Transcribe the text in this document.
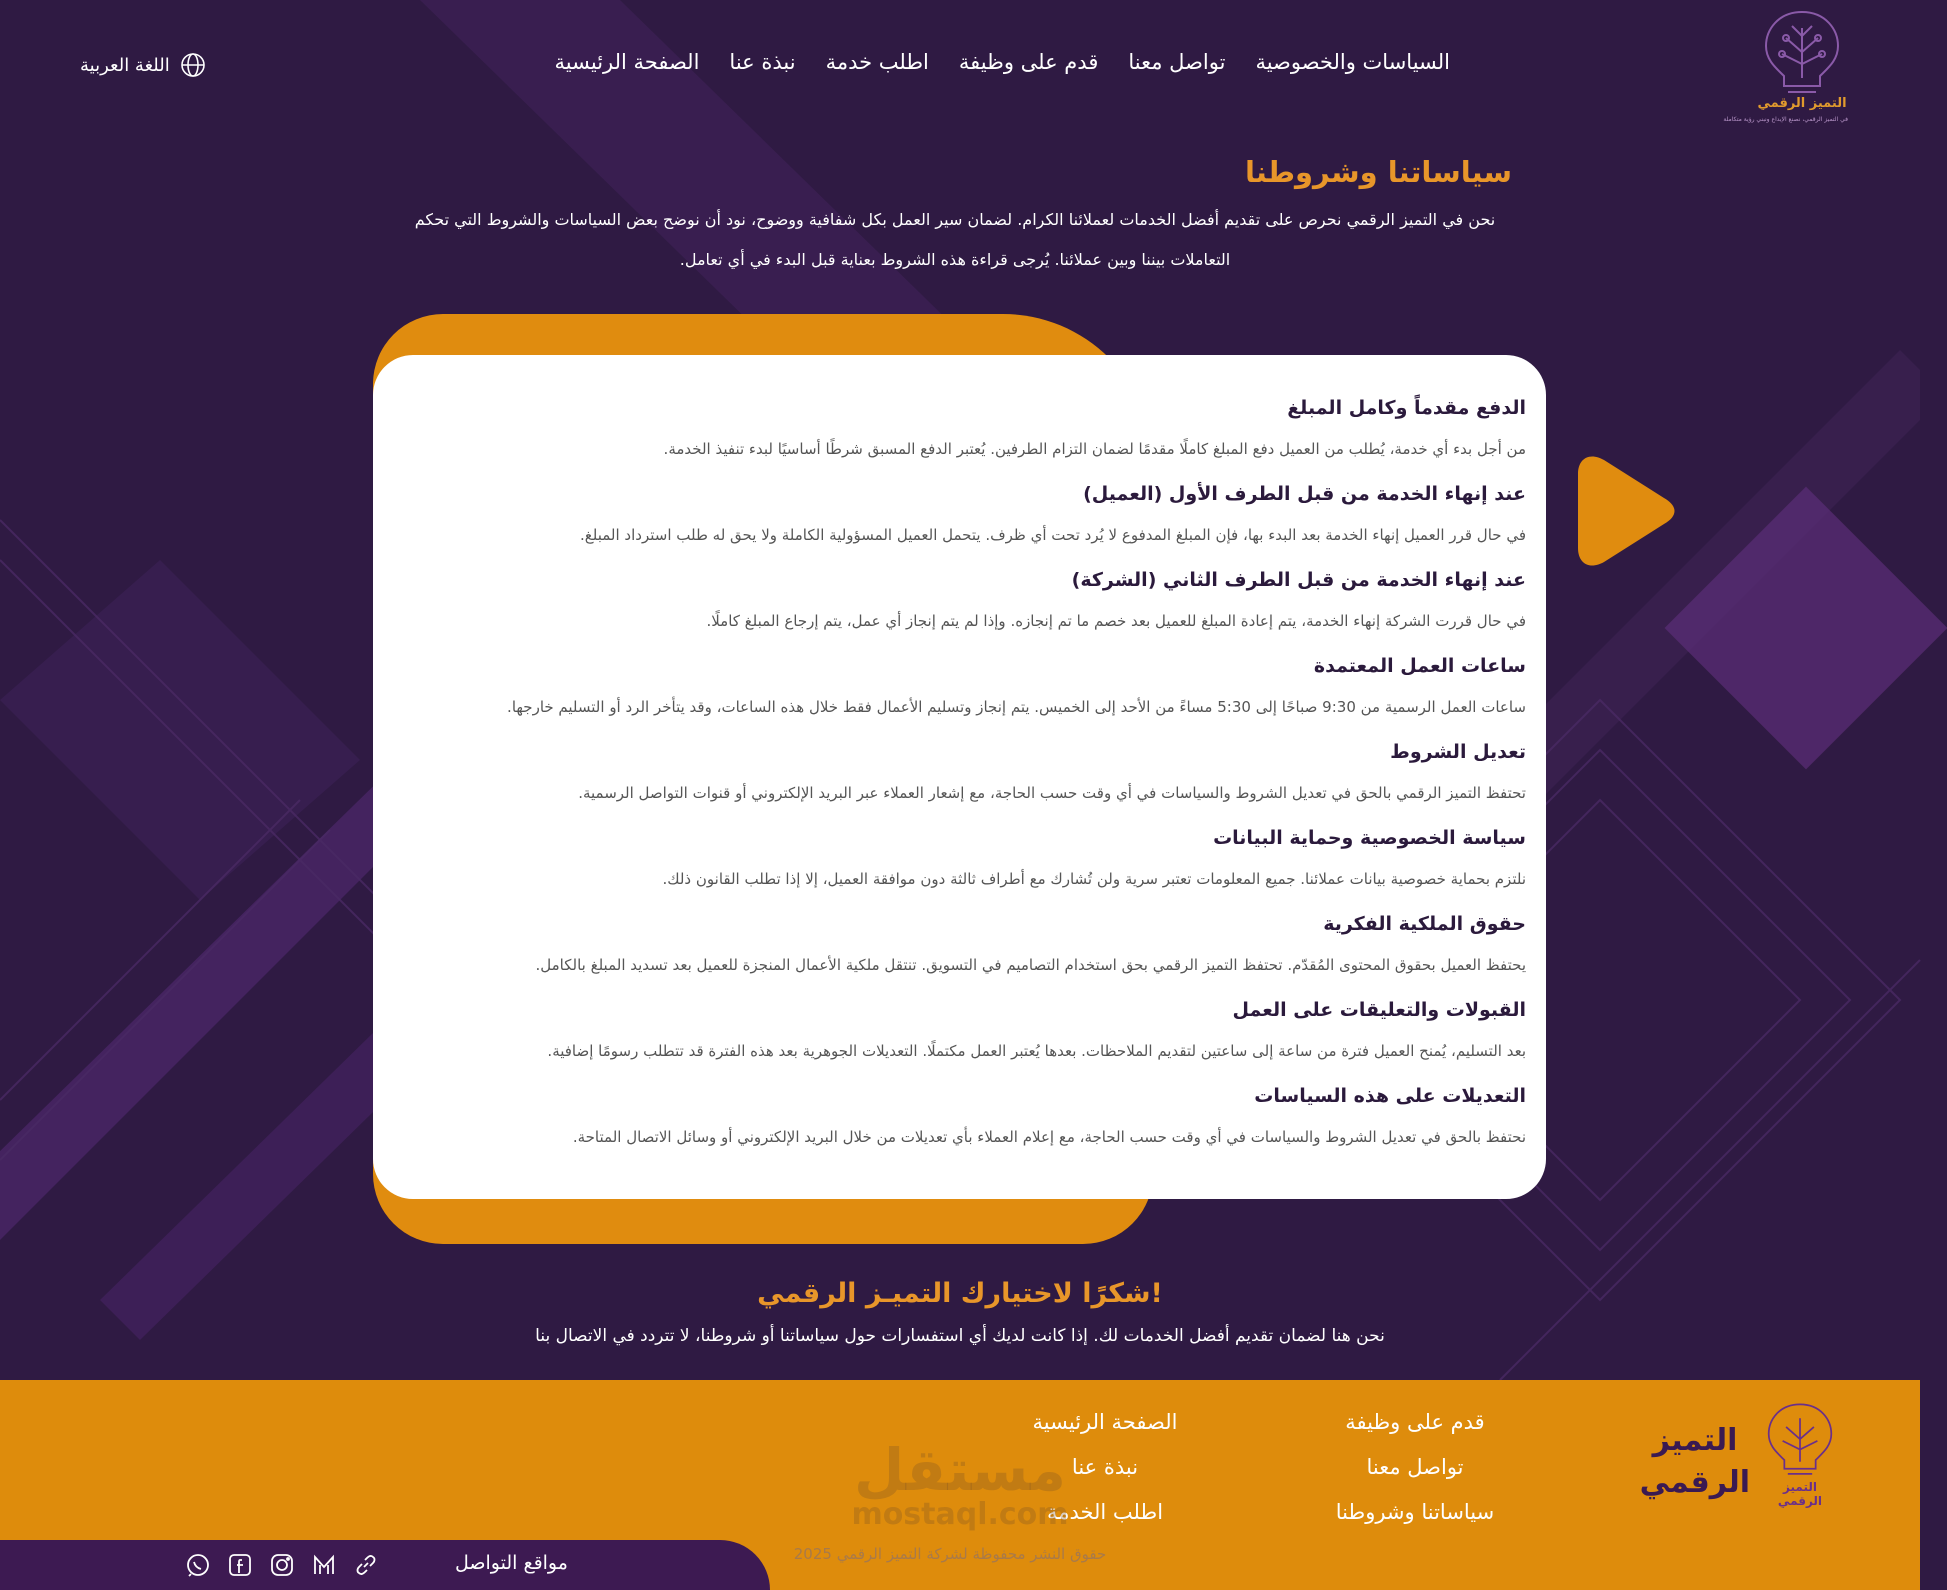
التميز الرقمي
في التميز الرقمي، نصنع الإبداع ونبني رؤية متكاملة
الصفحة الرئيسية نبذة عنا اطلب خدمة قدم على وظيفة تواصل معنا السياسات والخصوصية
اللغة العربية
سياساتنا وشروطنا

نحن في التميز الرقمي نحرص على تقديم أفضل الخدمات لعملائنا الكرام. لضمان سير العمل بكل شفافية ووضوح، نود أن نوضح بعض السياسات والشروط التي تحكم التعاملات بيننا وبين عملائنا. يُرجى قراءة هذه الشروط بعناية قبل البدء في أي تعامل.

الدفع مقدماً وكامل المبلغ

من أجل بدء أي خدمة، يُطلب من العميل دفع المبلغ كاملًا مقدمًا لضمان التزام الطرفين. يُعتبر الدفع المسبق شرطًا أساسيًا لبدء تنفيذ الخدمة.

عند إنهاء الخدمة من قبل الطرف الأول (العميل)

في حال قرر العميل إنهاء الخدمة بعد البدء بها، فإن المبلغ المدفوع لا يُرد تحت أي ظرف. يتحمل العميل المسؤولية الكاملة ولا يحق له طلب استرداد المبلغ.

عند إنهاء الخدمة من قبل الطرف الثاني (الشركة)

في حال قررت الشركة إنهاء الخدمة، يتم إعادة المبلغ للعميل بعد خصم ما تم إنجازه. وإذا لم يتم إنجاز أي عمل، يتم إرجاع المبلغ كاملًا.

ساعات العمل المعتمدة

ساعات العمل الرسمية من 9:30 صباحًا إلى 5:30 مساءً من الأحد إلى الخميس. يتم إنجاز وتسليم الأعمال فقط خلال هذه الساعات، وقد يتأخر الرد أو التسليم خارجها.

تعديل الشروط

تحتفظ التميز الرقمي بالحق في تعديل الشروط والسياسات في أي وقت حسب الحاجة، مع إشعار العملاء عبر البريد الإلكتروني أو قنوات التواصل الرسمية.

سياسة الخصوصية وحماية البيانات

نلتزم بحماية خصوصية بيانات عملائنا. جميع المعلومات تعتبر سرية ولن تُشارك مع أطراف ثالثة دون موافقة العميل، إلا إذا تطلب القانون ذلك.

حقوق الملكية الفكرية

يحتفظ العميل بحقوق المحتوى المُقدّم. تحتفظ التميز الرقمي بحق استخدام التصاميم في التسويق. تنتقل ملكية الأعمال المنجزة للعميل بعد تسديد المبلغ بالكامل.

القبولات والتعليقات على العمل

بعد التسليم، يُمنح العميل فترة من ساعة إلى ساعتين لتقديم الملاحظات. بعدها يُعتبر العمل مكتملًا. التعديلات الجوهرية بعد هذه الفترة قد تتطلب رسومًا إضافية.

التعديلات على هذه السياسات

نحتفظ بالحق في تعديل الشروط والسياسات في أي وقت حسب الحاجة، مع إعلام العملاء بأي تعديلات من خلال البريد الإلكتروني أو وسائل الاتصال المتاحة.

!شكرًا لاختيارك التميـز الرقمي

نحن هنا لضمان تقديم أفضل الخدمات لك. إذا كانت لديك أي استفسارات حول سياساتنا أو شروطنا، لا تتردد في الاتصال بنا

التميز الرقمي
التميز الرقمي
قدم على وظيفة
تواصل معنا
سياساتنا وشروطنا
الصفحة الرئيسية
نبذة عنا
اطلب الخدمة
مستقل
mostaql.com
حقوق النشر محفوظة لشركة التميز الرقمي 2025
مواقع التواصل
